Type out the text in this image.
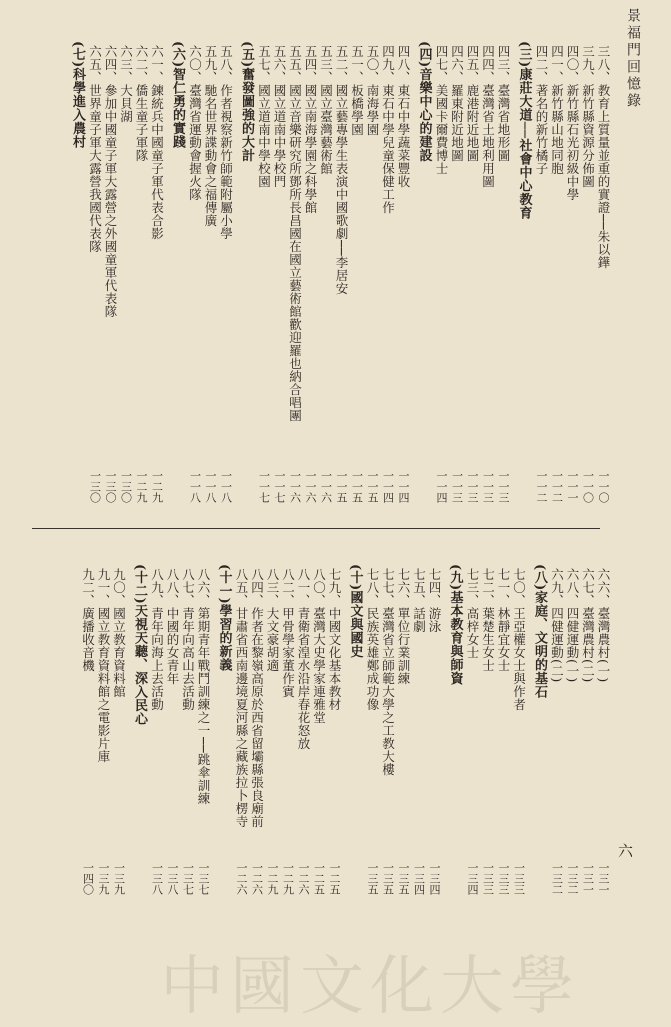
景福門回憶錄
三八、教育上質量並重的實證──朱以鏵
一一〇
三九、新竹縣資源分佈圖
一一〇
四〇、新竹縣石光初級中學
一一一
四一、新竹縣山地同胞
一一二
四二、著名的新竹橘子
一一二
(三)康莊大道──社會中心教育
四三、臺灣省地形圖
一一三
四四、臺灣省土地利用圖
一一三
四五、鹿港附近地圖
一一三
四六、羅東附近地圖
一一三
四七、美國卡爾費博士
一一四
(四)音樂中心的建設
四八、東石中學蔬菜豐收
一一四
四九、東石中學兒童保健工作
一一四
五〇、南海學園
一一五
五一、板橋學園
一一五
五二、國立藝專學生表演中國歌劇──李居安
一一五
五三、國立臺灣藝術館
一一六
五四、國立南海學園之科學館
一一六
五五、國立音樂研究所鄧所長昌國在國立藝術館歡迎羅也納合唱團
一一六
五六、國立道南中學校門
一一七
五七、國立道南中學校園
一一七
(五)奮發圖強的大計
五八、作者視察新竹師範附屬小學
一一八
五九、馳名世界諜動會之福傳廣
一一八
六〇、臺灣省運動會握火隊
一一八
(六)智仁勇的實踐
六一、鍊統兵中國童子軍代表合影
一二九
六二、僑生童子軍隊
一二九
六三、大貝湖
一三〇
六四、參加中國童子軍大露營之外國童軍代表隊
一三〇
六五、世界童子軍大露營我國代表隊
一三〇
(七)科學進入農村
六六、臺灣農村(一)
一三一
六七、臺灣農村(二)
一三一
六八、四健運動(一)
一三二
六九、四健運動(二)
一三二
(八)家庭、文明的基石
七〇、王亞權女士與作者
一三三
七一、林靜宜女士
一三三
七二、葉楚生女士
一三三
七三、高梓女士
一三四
(九)基本教育與師資
七四、游泳
一三四
七五、話劇
一三四
七六、單位行業訓練
一三五
七七、臺灣省立師範大學之工教大樓
一三五
七八、民族英雄鄭成功像
一三五
(十)國文與國史
七九、中國文化基本教材
一二五
八〇、臺灣大史學家連雅堂
一二五
八一、青衛省湟水沿岸春花怒放
一二六
八二、甲骨學家董作賓
一二九
八三、大文豪胡適
一二九
八四、作者在黎嶺高原於西省留壩縣張良廟前
一二六
八五、甘肅省西南邊境夏河縣之藏族拉卜楞寺
一二六
(十一)學習的新義
八六、第期青年戰鬥訓練之一──跳傘訓練
一三七
八七、青年向高山去活動
一三七
八八、中國的女青年
一三八
八九、青年向海上去活動
一三八
(十二)天視天聽、深入民心
九〇、國立教育資料館
一三九
九一、國立教育資料館之電影片庫
一三九
九二、廣播收音機
一四〇
六
中國文化大學
